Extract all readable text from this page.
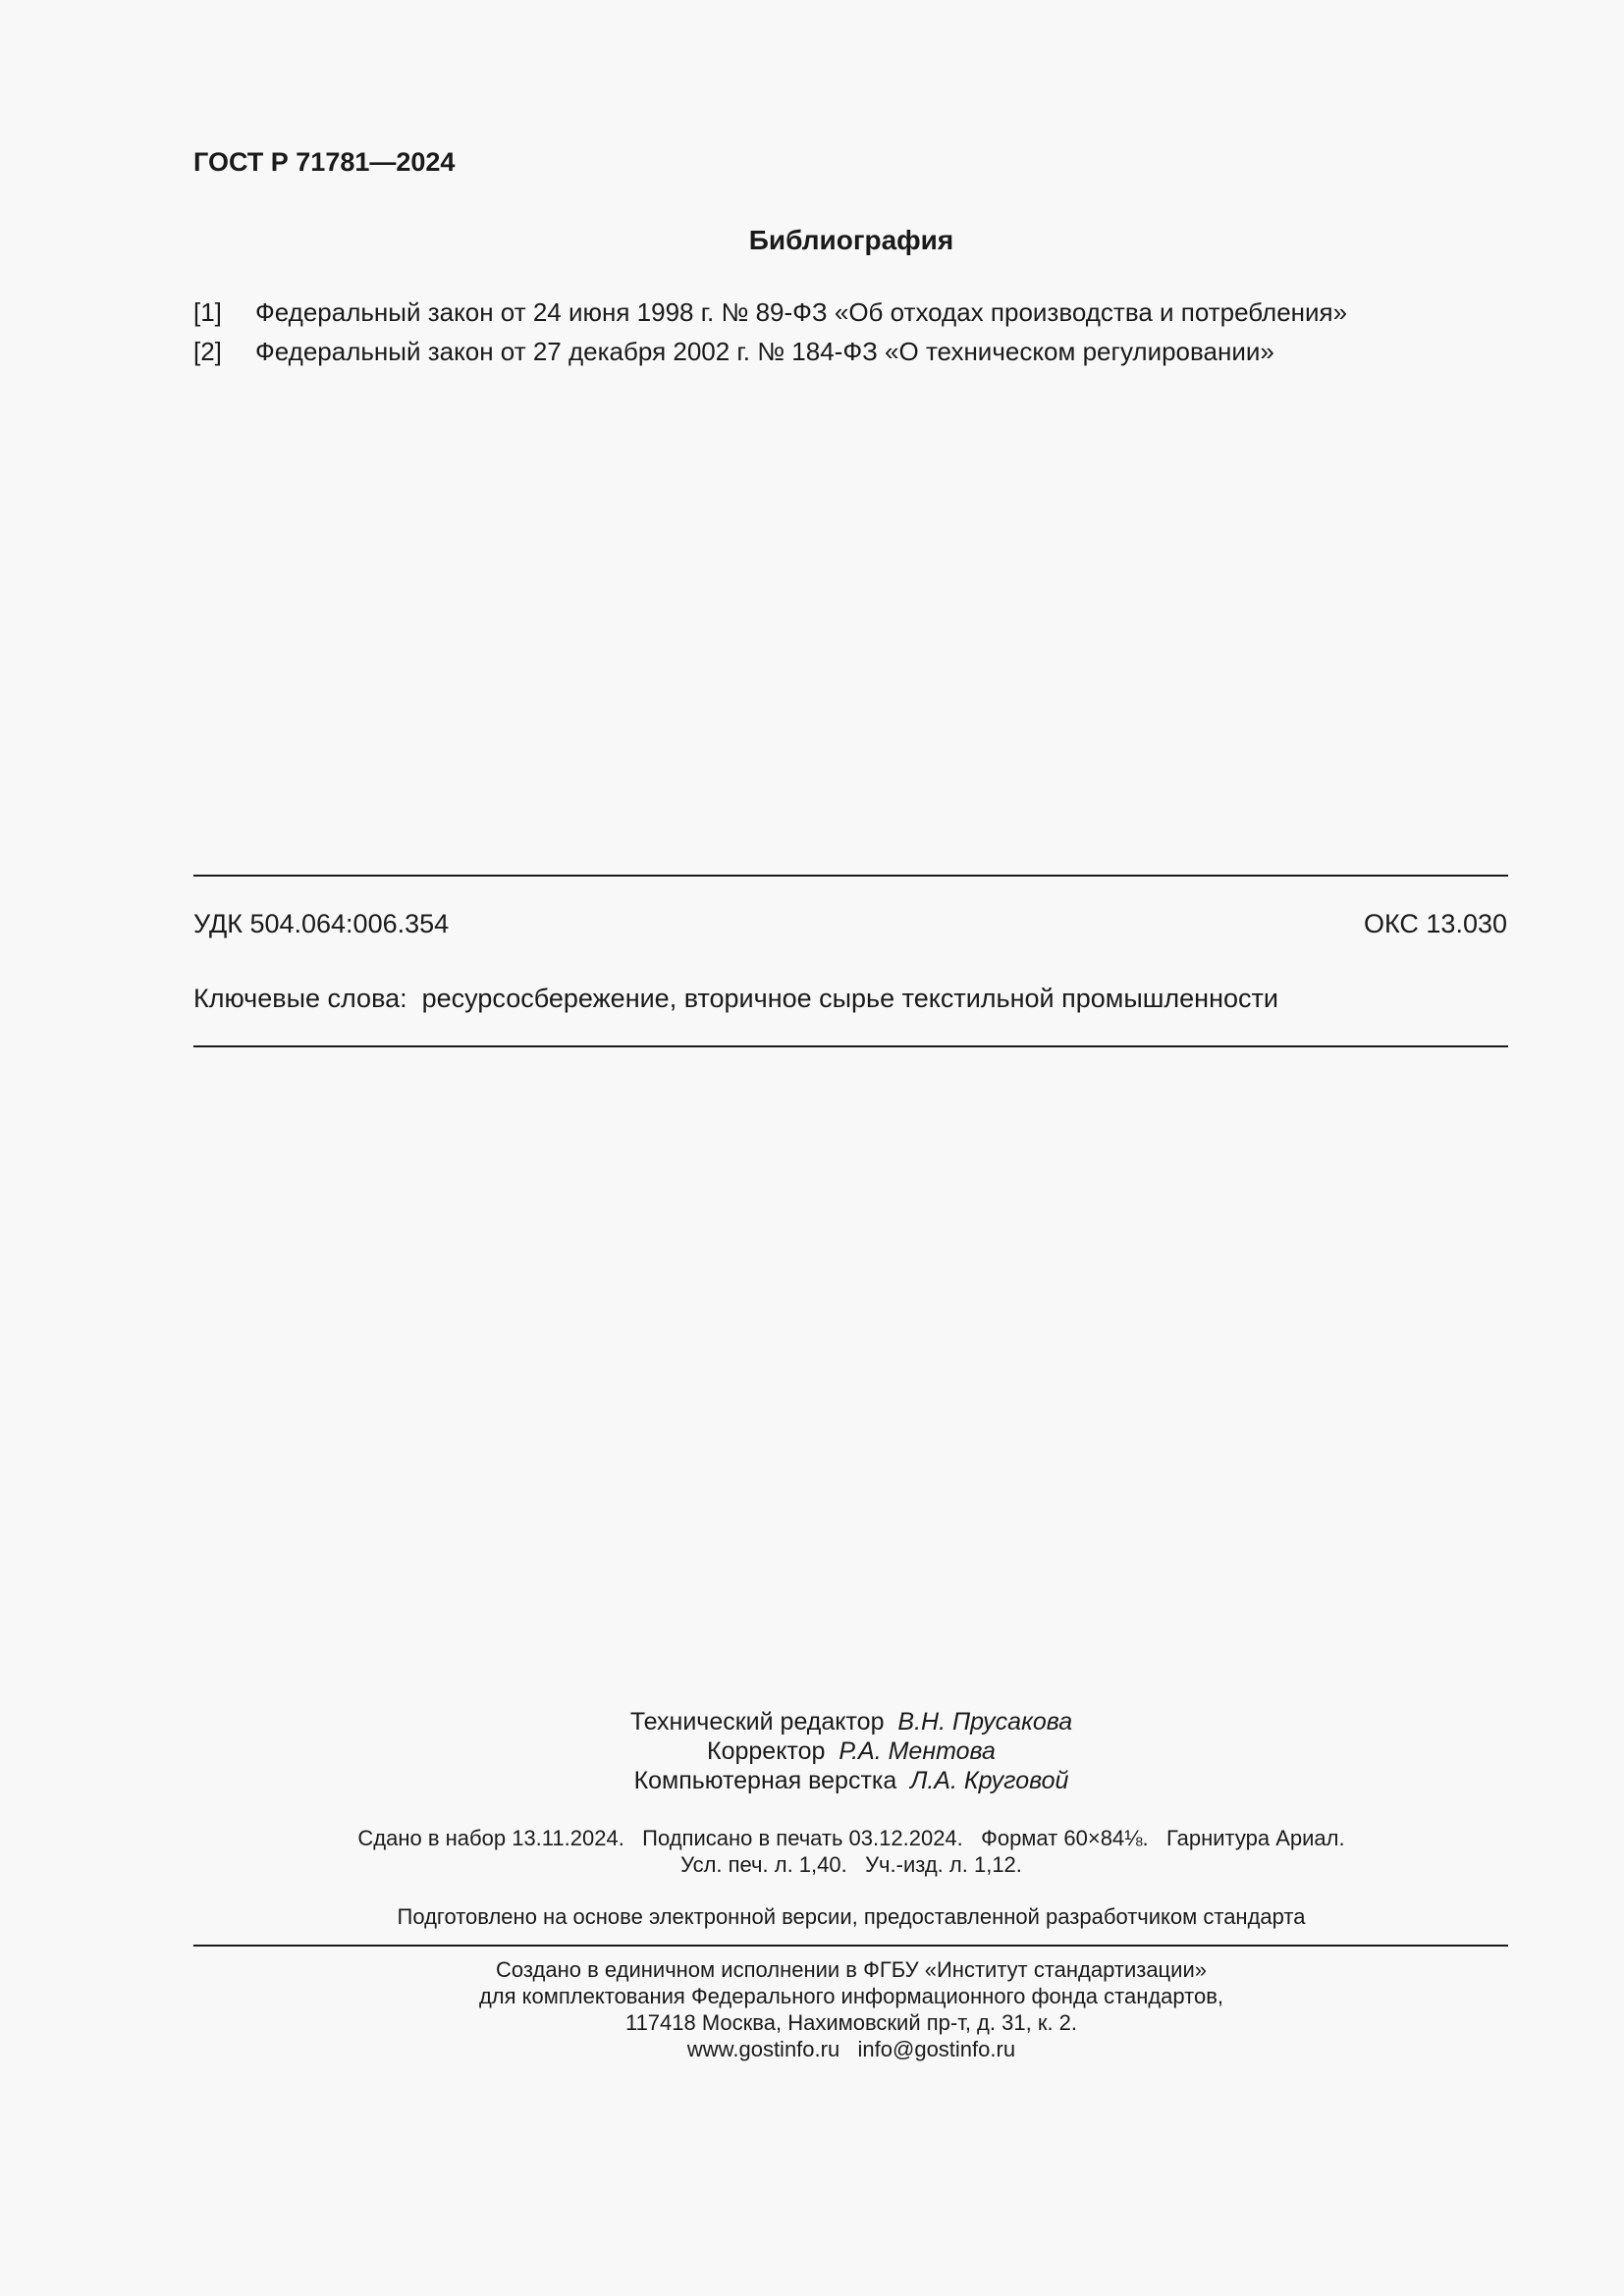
ГОСТ Р 71781—2024
Библиография
[1] Федеральный закон от 24 июня 1998 г. № 89-ФЗ «Об отходах производства и потребления»
[2] Федеральный закон от 27 декабря 2002 г. № 184-ФЗ «О техническом регулировании»
УДК 504.064:006.354	ОКС 13.030
Ключевые слова: ресурсосбережение, вторичное сырье текстильной промышленности
Технический редактор В.Н. Прусакова
Корректор Р.А. Ментова
Компьютерная верстка Л.А. Круговой
Сдано в набор 13.11.2024.   Подписано в печать 03.12.2024.   Формат 60×84⅛.   Гарнитура Ариал.
Усл. печ. л. 1,40.   Уч.-изд. л. 1,12.
Подготовлено на основе электронной версии, предоставленной разработчиком стандарта
Создано в единичном исполнении в ФГБУ «Институт стандартизации»
для комплектования Федерального информационного фонда стандартов,
117418 Москва, Нахимовский пр-т, д. 31, к. 2.
www.gostinfo.ru   info@gostinfo.ru
